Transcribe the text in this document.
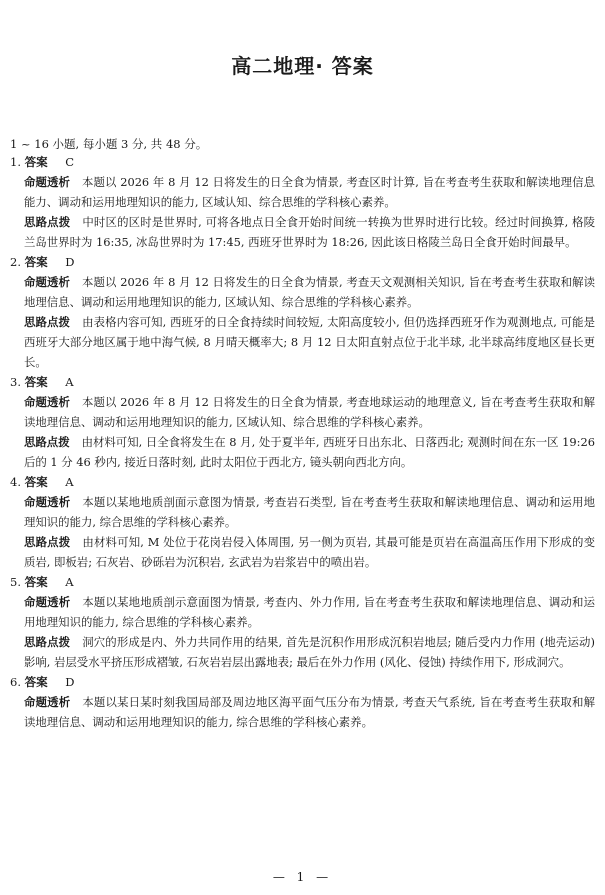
高二地理· 答案
1 ~ 16 小题, 每小题 3 分, 共 48 分。
1. 答案 C

命题透析 本题以 2026 年 8 月 12 日将发生的日全食为情景, 考查区时计算, 旨在考查考生获取和解读地理信息能力、调动和运用地理知识的能力, 区域认知、综合思维的学科核心素养。

思路点拨 中时区的区时是世界时, 可将各地点日全食开始时间统一转换为世界时进行比较。经过时间换算, 格陵兰岛世界时为 16:35, 冰岛世界时为 17:45, 西班牙世界时为 18:26, 因此该日格陵兰岛日全食开始时间最早。

2. 答案 D

命题透析 本题以 2026 年 8 月 12 日将发生的日全食为情景, 考查天文观测相关知识, 旨在考查考生获取和解读地理信息、调动和运用地理知识的能力, 区域认知、综合思维的学科核心素养。

思路点拨 由表格内容可知, 西班牙的日全食持续时间较短, 太阳高度较小, 但仍选择西班牙作为观测地点, 可能是西班牙大部分地区属于地中海气候, 8 月晴天概率大; 8 月 12 日太阳直射点位于北半球, 北半球高纬度地区昼长更长。

3. 答案 A

命题透析 本题以 2026 年 8 月 12 日将发生的日全食为情景, 考查地球运动的地理意义, 旨在考查考生获取和解读地理信息、调动和运用地理知识的能力, 区域认知、综合思维的学科核心素养。

思路点拨 由材料可知, 日全食将发生在 8 月, 处于夏半年, 西班牙日出东北、日落西北; 观测时间在东一区 19:26 后的 1 分 46 秒内, 接近日落时刻, 此时太阳位于西北方, 镜头朝向西北方向。

4. 答案 A

命题透析 本题以某地地质剖面示意图为情景, 考查岩石类型, 旨在考查考生获取和解读地理信息、调动和运用地理知识的能力, 综合思维的学科核心素养。

思路点拨 由材料可知, M 处位于花岗岩侵入体周围, 另一侧为页岩, 其最可能是页岩在高温高压作用下形成的变质岩, 即板岩; 石灰岩、砂砾岩为沉积岩, 玄武岩为岩浆岩中的喷出岩。

5. 答案 A

命题透析 本题以某地地质剖示意面图为情景, 考查内、外力作用, 旨在考查考生获取和解读地理信息、调动和运用地理知识的能力, 综合思维的学科核心素养。

思路点拨 洞穴的形成是内、外力共同作用的结果, 首先是沉积作用形成沉积岩地层; 随后受内力作用 (地壳运动) 影响, 岩层受水平挤压形成褶皱, 石灰岩岩层出露地表; 最后在外力作用 (风化、侵蚀) 持续作用下, 形成洞穴。

6. 答案 D

命题透析 本题以某日某时刻我国局部及周边地区海平面气压分布为情景, 考查天气系统, 旨在考查考生获取和解读地理信息、调动和运用地理知识的能力, 综合思维的学科核心素养。

— 1 —
